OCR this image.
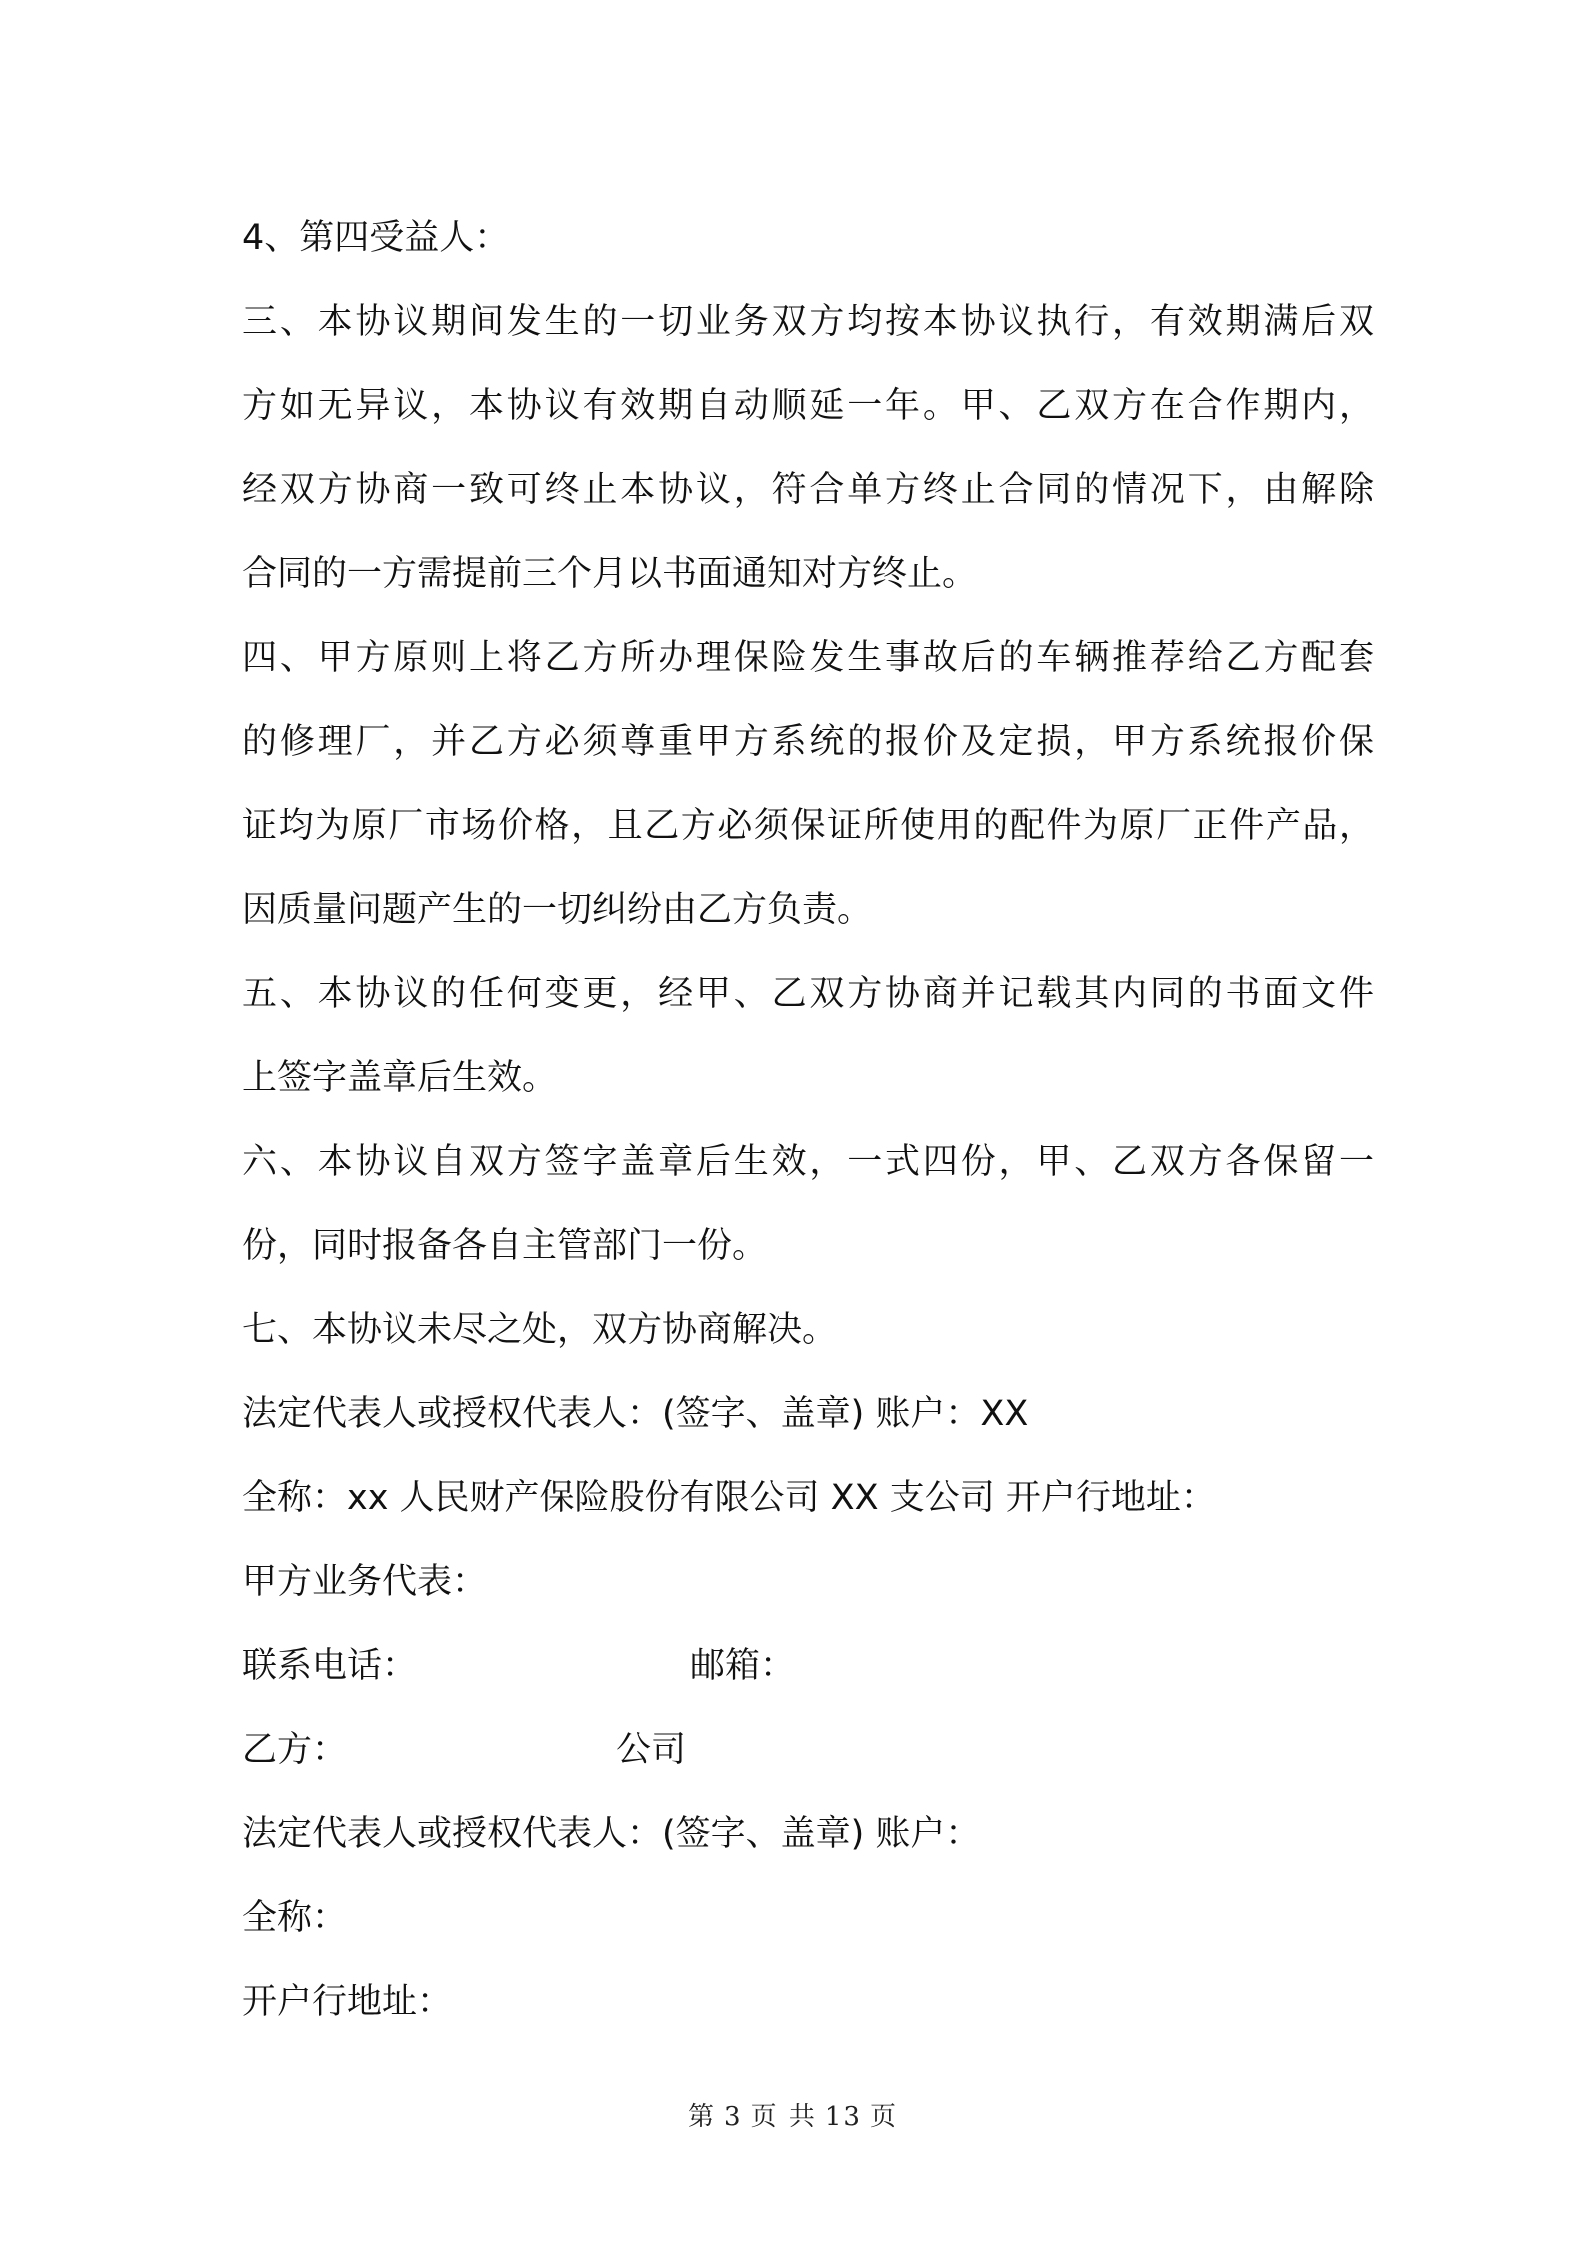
4、第四受益人：
三、本协议期间发生的一切业务双方均按本协议执行，有效期满后双
方如无异议，本协议有效期自动顺延一年。甲、乙双方在合作期内，
经双方协商一致可终止本协议，符合单方终止合同的情况下，由解除
合同的一方需提前三个月以书面通知对方终止。
四、甲方原则上将乙方所办理保险发生事故后的车辆推荐给乙方配套
的修理厂，并乙方必须尊重甲方系统的报价及定损，甲方系统报价保
证均为原厂市场价格，且乙方必须保证所使用的配件为原厂正件产品，
因质量问题产生的一切纠纷由乙方负责。
五、本协议的任何变更，经甲、乙双方协商并记载其内同的书面文件
上签字盖章后生效。
六、本协议自双方签字盖章后生效，一式四份，甲、乙双方各保留一
份，同时报备各自主管部门一份。
七、本协议未尽之处，双方协商解决。
法定代表人或授权代表人：(签字、盖章) 账户：XX
全称：xx 人民财产保险股份有限公司 XX 支公司 开户行地址：
甲方业务代表：
联系电话：	邮箱：
乙方：	公司
法定代表人或授权代表人：(签字、盖章) 账户：
全称：
开户行地址：
第 3 页 共 13 页
